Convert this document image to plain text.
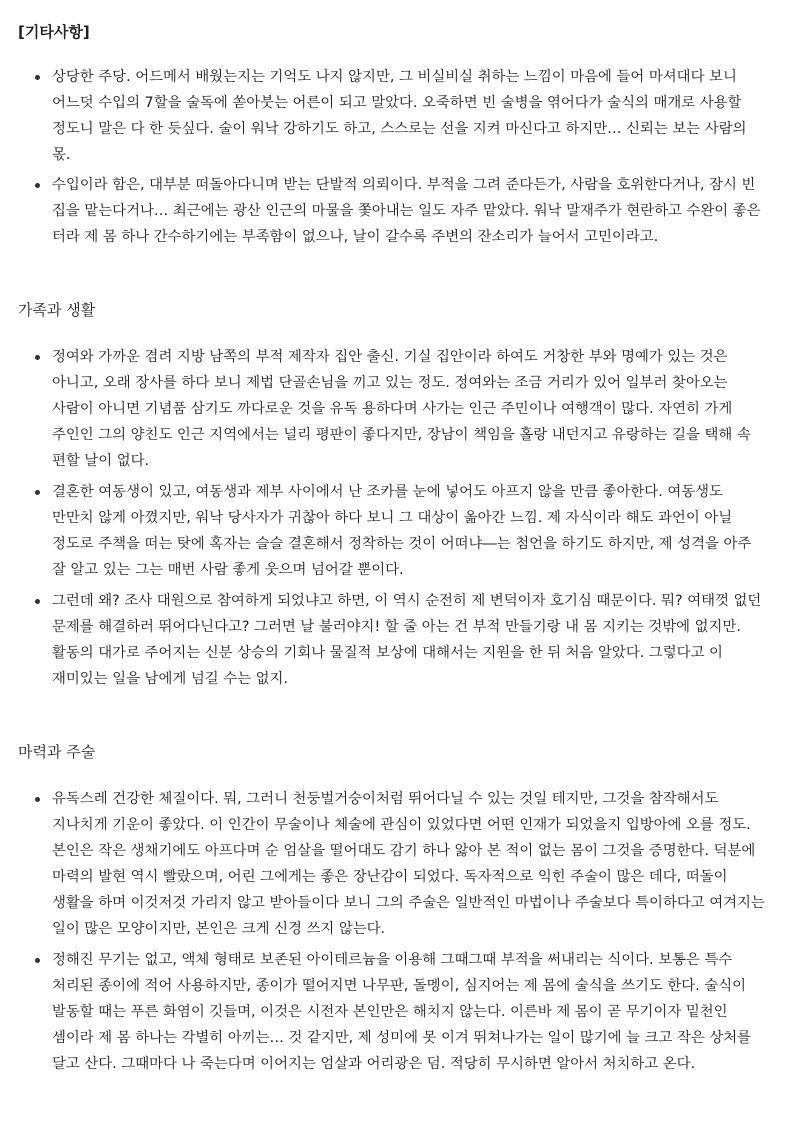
[기타사항]
상당한 주당. 어드메서 배웠는지는 기억도 나지 않지만, 그 비실비실 취하는 느낌이 마음에 들어 마셔대다 보니 어느덧 수입의 7할을 술독에 쏟아붓는 어른이 되고 말았다. 오죽하면 빈 술병을 엮어다가 술식의 매개로 사용할 정도니 말은 다 한 듯싶다. 술이 워낙 강하기도 하고, 스스로는 선을 지켜 마신다고 하지만… 신뢰는 보는 사람의 몫.
수입이라 함은, 대부분 떠돌아다니며 받는 단발적 의뢰이다. 부적을 그려 준다든가, 사람을 호위한다거나, 잠시 빈 집을 맡는다거나… 최근에는 광산 인근의 마물을 쫓아내는 일도 자주 맡았다. 워낙 말재주가 현란하고 수완이 좋은 터라 제 몸 하나 간수하기에는 부족함이 없으나, 날이 갈수록 주변의 잔소리가 늘어서 고민이라고.
가족과 생활
정여와 가까운 겸려 지방 남쪽의 부적 제작자 집안 출신. 기실 집안이라 하여도 거창한 부와 명예가 있는 것은 아니고, 오래 장사를 하다 보니 제법 단골손님을 끼고 있는 정도. 정여와는 조금 거리가 있어 일부러 찾아오는 사람이 아니면 기념품 삼기도 까다로운 것을 유독 용하다며 사가는 인근 주민이나 여행객이 많다. 자연히 가게 주인인 그의 양친도 인근 지역에서는 널리 평판이 좋다지만, 장남이 책임을 홀랑 내던지고 유랑하는 길을 택해 속 편할 날이 없다.
결혼한 여동생이 있고, 여동생과 제부 사이에서 난 조카를 눈에 넣어도 아프지 않을 만큼 좋아한다. 여동생도 만만치 않게 아꼈지만, 워낙 당사자가 귀찮아 하다 보니 그 대상이 옮아간 느낌. 제 자식이라 해도 과언이 아닐 정도로 주책을 떠는 탓에 혹자는 슬슬 결혼해서 정착하는 것이 어떠냐―는 첨언을 하기도 하지만, 제 성격을 아주 잘 알고 있는 그는 매번 사람 좋게 웃으며 넘어갈 뿐이다.
그런데 왜? 조사 대원으로 참여하게 되었냐고 하면, 이 역시 순전히 제 변덕이자 호기심 때문이다. 뭐? 여태껏 없던 문제를 해결하러 뛰어다닌다고? 그러면 날 불러야지! 할 줄 아는 건 부적 만들기랑 내 몸 지키는 것밖에 없지만. 활동의 대가로 주어지는 신분 상승의 기회나 물질적 보상에 대해서는 지원을 한 뒤 처음 알았다. 그렇다고 이 재미있는 일을 남에게 넘길 수는 없지.
마력과 주술
유독스레 건강한 체질이다. 뭐, 그러니 천둥벌거숭이처럼 뛰어다닐 수 있는 것일 테지만, 그것을 참작해서도 지나치게 기운이 좋았다. 이 인간이 무술이나 체술에 관심이 있었다면 어떤 인재가 되었을지 입방아에 오를 정도. 본인은 작은 생채기에도 아프다며 순 엄살을 떨어대도 감기 하나 앓아 본 적이 없는 몸이 그것을 증명한다. 덕분에 마력의 발현 역시 빨랐으며, 어린 그에게는 좋은 장난감이 되었다. 독자적으로 익힌 주술이 많은 데다, 떠돌이 생활을 하며 이것저것 가리지 않고 받아들이다 보니 그의 주술은 일반적인 마법이나 주술보다 특이하다고 여겨지는 일이 많은 모양이지만, 본인은 크게 신경 쓰지 않는다.
정해진 무기는 없고, 액체 형태로 보존된 아이테르늄을 이용해 그때그때 부적을 써내리는 식이다. 보통은 특수 처리된 종이에 적어 사용하지만, 종이가 떨어지면 나무판, 돌멩이, 심지어는 제 몸에 술식을 쓰기도 한다. 술식이 발동할 때는 푸른 화염이 깃들며, 이것은 시전자 본인만은 해치지 않는다. 이른바 제 몸이 곧 무기이자 밑천인 셈이라 제 몸 하나는 각별히 아끼는… 것 같지만, 제 성미에 못 이겨 뛰쳐나가는 일이 많기에 늘 크고 작은 상처를 달고 산다. 그때마다 나 죽는다며 이어지는 엄살과 어리광은 덤. 적당히 무시하면 알아서 처치하고 온다.
